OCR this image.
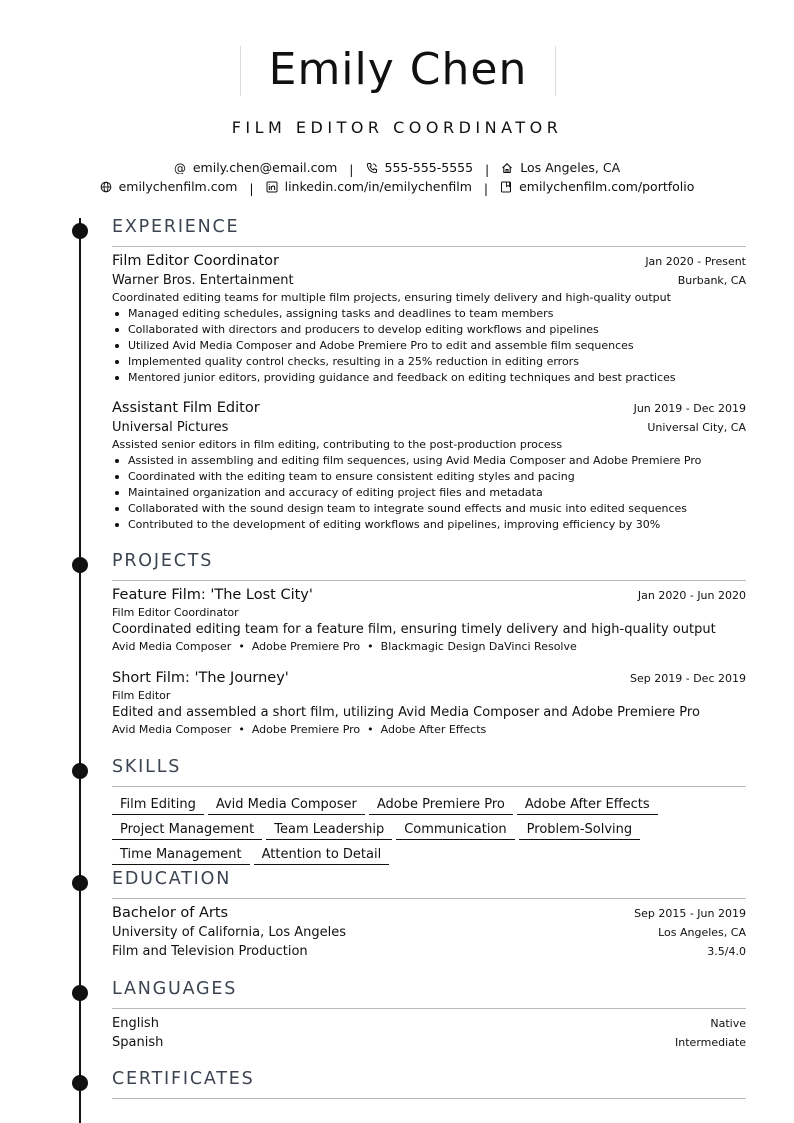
Emily Chen
FILM EDITOR COORDINATOR
@ emily.chen@email.com | 555-555-5555 | Los Angeles, CA
emilychenfilm.com | linkedin.com/in/emilychenfilm | emilychenfilm.com/portfolio
EXPERIENCE
Film Editor Coordinator	Jan 2020 - Present
Warner Bros. Entertainment	Burbank, CA
Coordinated editing teams for multiple film projects, ensuring timely delivery and high-quality output
Managed editing schedules, assigning tasks and deadlines to team members
Collaborated with directors and producers to develop editing workflows and pipelines
Utilized Avid Media Composer and Adobe Premiere Pro to edit and assemble film sequences
Implemented quality control checks, resulting in a 25% reduction in editing errors
Mentored junior editors, providing guidance and feedback on editing techniques and best practices
Assistant Film Editor	Jun 2019 - Dec 2019
Universal Pictures	Universal City, CA
Assisted senior editors in film editing, contributing to the post-production process
Assisted in assembling and editing film sequences, using Avid Media Composer and Adobe Premiere Pro
Coordinated with the editing team to ensure consistent editing styles and pacing
Maintained organization and accuracy of editing project files and metadata
Collaborated with the sound design team to integrate sound effects and music into edited sequences
Contributed to the development of editing workflows and pipelines, improving efficiency by 30%
PROJECTS
Feature Film: 'The Lost City'	Jan 2020 - Jun 2020
Film Editor Coordinator
Coordinated editing team for a feature film, ensuring timely delivery and high-quality output
Avid Media Composer • Adobe Premiere Pro • Blackmagic Design DaVinci Resolve
Short Film: 'The Journey'	Sep 2019 - Dec 2019
Film Editor
Edited and assembled a short film, utilizing Avid Media Composer and Adobe Premiere Pro
Avid Media Composer • Adobe Premiere Pro • Adobe After Effects
SKILLS
Film Editing Avid Media Composer Adobe Premiere Pro Adobe After Effects
Project Management Team Leadership Communication Problem-Solving
Time Management Attention to Detail
EDUCATION
Bachelor of Arts	Sep 2015 - Jun 2019
University of California, Los Angeles	Los Angeles, CA
Film and Television Production	3.5/4.0
LANGUAGES
English	Native
Spanish	Intermediate
CERTIFICATES
